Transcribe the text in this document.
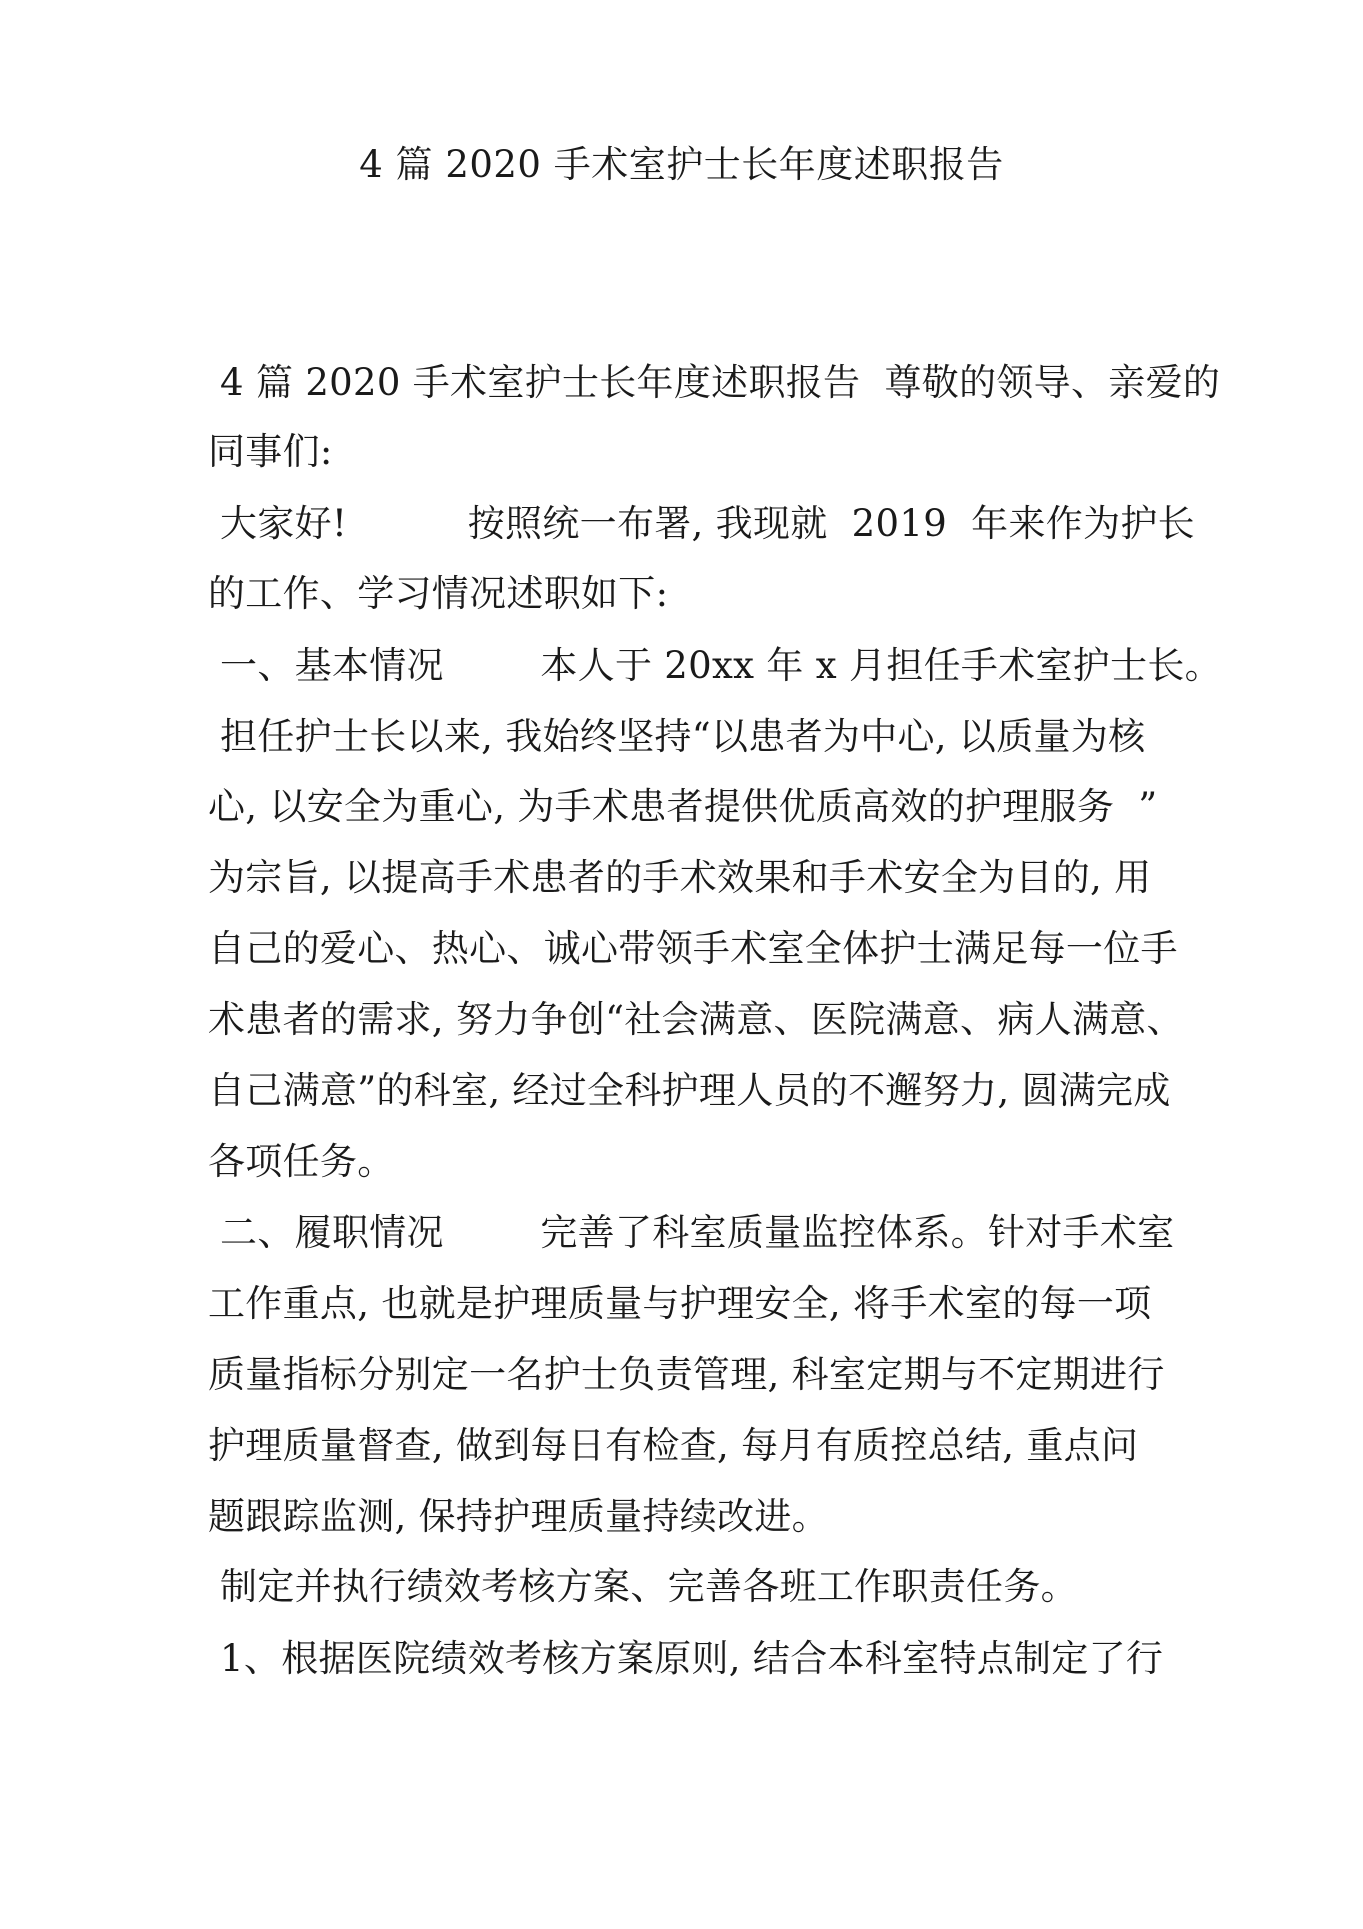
4 篇 2020 手术室护士长年度述职报告
4 篇 2020 手术室护士长年度述职报告  尊敬的领导、亲爱的
同事们:
大家好!          按照统一布署, 我现就  2019  年来作为护长
的工作、学习情况述职如下:
一、基本情况        本人于 20xx 年 x 月担任手术室护士长。
担任护士长以来, 我始终坚持“以患者为中心, 以质量为核
心, 以安全为重心, 为手术患者提供优质高效的护理服务  ”
为宗旨, 以提高手术患者的手术效果和手术安全为目的, 用
自己的爱心、热心、诚心带领手术室全体护士满足每一位手
术患者的需求, 努力争创“社会满意、医院满意、病人满意、
自己满意”的科室, 经过全科护理人员的不邂努力, 圆满完成
各项任务。
二、履职情况        完善了科室质量监控体系。针对手术室
工作重点, 也就是护理质量与护理安全, 将手术室的每一项
质量指标分别定一名护士负责管理, 科室定期与不定期进行
护理质量督查, 做到每日有检查, 每月有质控总结, 重点问
题跟踪监测, 保持护理质量持续改进。
制定并执行绩效考核方案、完善各班工作职责任务。
1、根据医院绩效考核方案原则, 结合本科室特点制定了行
